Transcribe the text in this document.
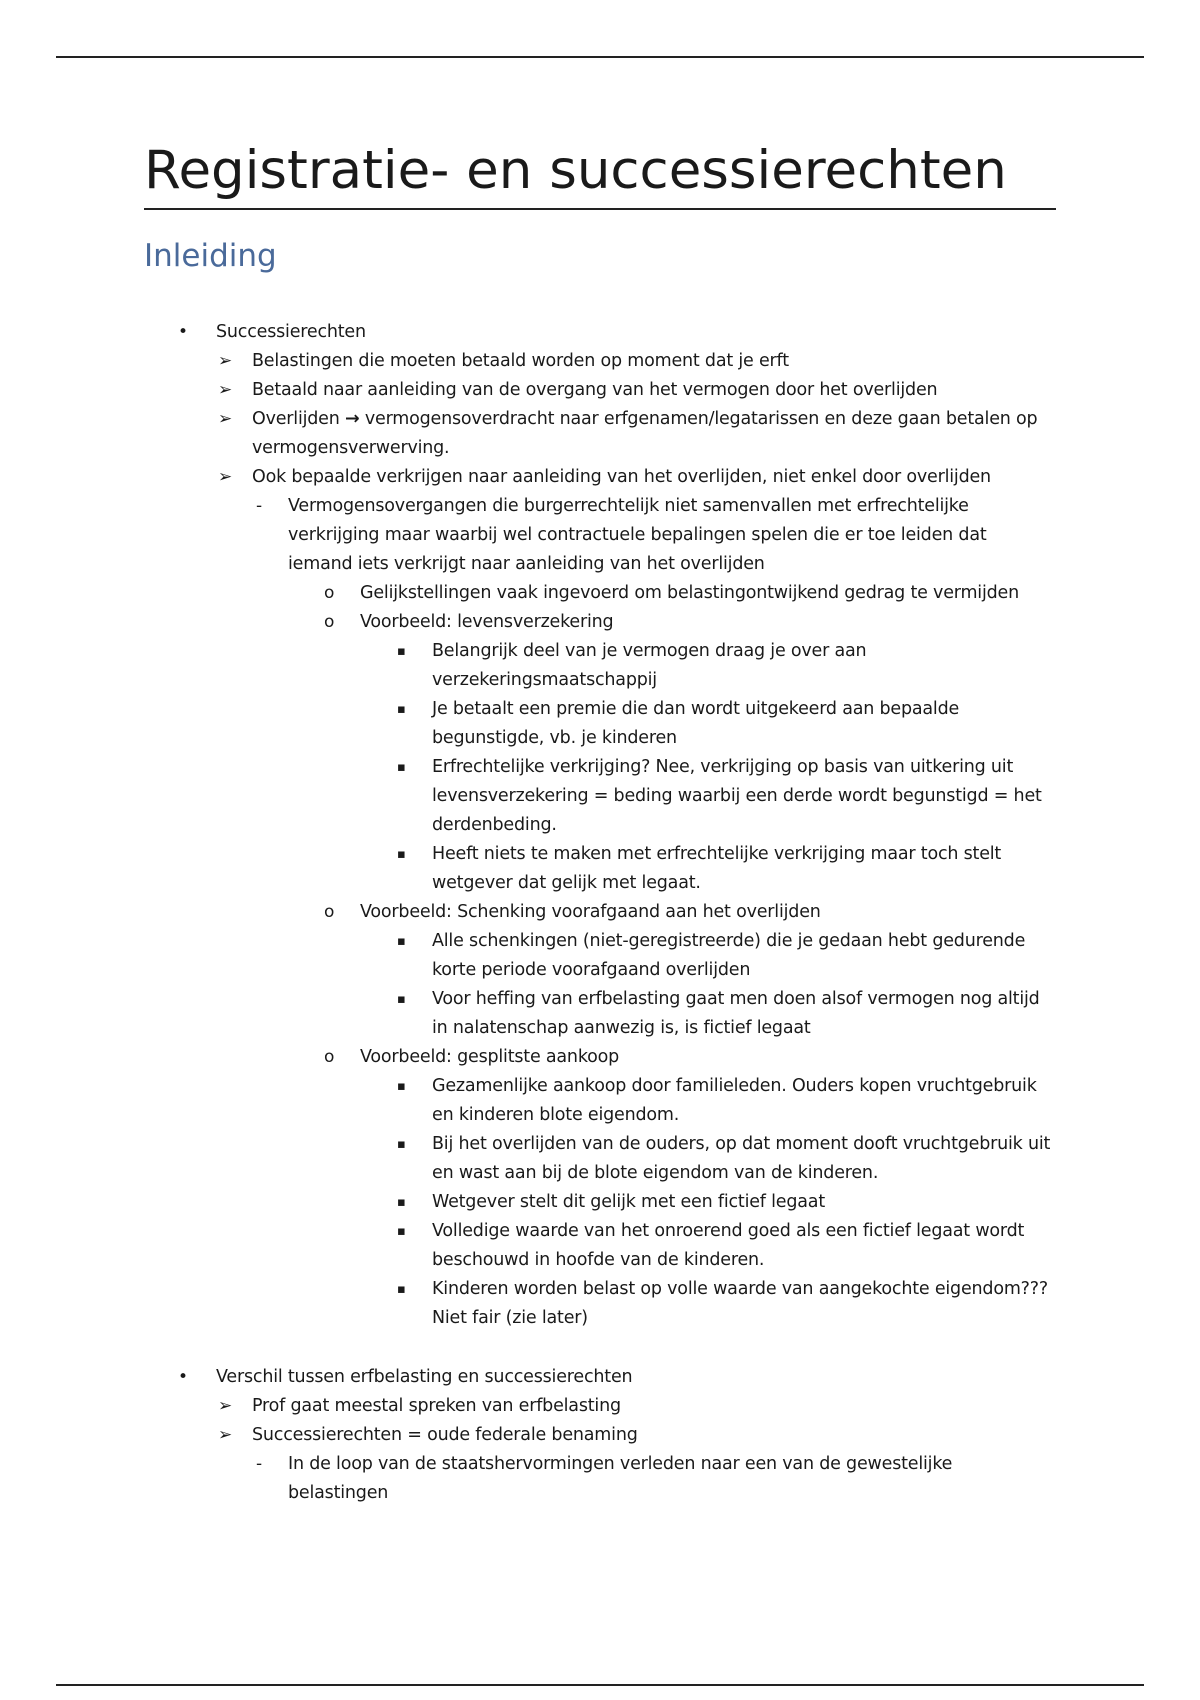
Registratie- en successierechten
Inleiding
• Successierechten
➢ Belastingen die moeten betaald worden op moment dat je erft
➢ Betaald naar aanleiding van de overgang van het vermogen door het overlijden
➢ Overlijden → vermogensoverdracht naar erfgenamen/legatarissen en deze gaan betalen op vermogensverwerving.
➢ Ook bepaalde verkrijgen naar aanleiding van het overlijden, niet enkel door overlijden
- Vermogensovergangen die burgerrechtelijk niet samenvallen met erfrechtelijke verkrijging maar waarbij wel contractuele bepalingen spelen die er toe leiden dat iemand iets verkrijgt naar aanleiding van het overlijden
o Gelijkstellingen vaak ingevoerd om belastingontwijkend gedrag te vermijden
o Voorbeeld: levensverzekering
▪ Belangrijk deel van je vermogen draag je over aan verzekeringsmaatschappij
▪ Je betaalt een premie die dan wordt uitgekeerd aan bepaalde begunstigde, vb. je kinderen
▪ Erfrechtelijke verkrijging? Nee, verkrijging op basis van uitkering uit levensverzekering = beding waarbij een derde wordt begunstigd = het derdenbeding.
▪ Heeft niets te maken met erfrechtelijke verkrijging maar toch stelt wetgever dat gelijk met legaat.
o Voorbeeld: Schenking voorafgaand aan het overlijden
▪ Alle schenkingen (niet-geregistreerde) die je gedaan hebt gedurende korte periode voorafgaand overlijden
▪ Voor heffing van erfbelasting gaat men doen alsof vermogen nog altijd in nalatenschap aanwezig is, is fictief legaat
o Voorbeeld: gesplitste aankoop
▪ Gezamenlijke aankoop door familieleden. Ouders kopen vruchtgebruik en kinderen blote eigendom.
▪ Bij het overlijden van de ouders, op dat moment dooft vruchtgebruik uit en wast aan bij de blote eigendom van de kinderen.
▪ Wetgever stelt dit gelijk met een fictief legaat
▪ Volledige waarde van het onroerend goed als een fictief legaat wordt beschouwd in hoofde van de kinderen.
▪ Kinderen worden belast op volle waarde van aangekochte eigendom??? Niet fair (zie later)
• Verschil tussen erfbelasting en successierechten
➢ Prof gaat meestal spreken van erfbelasting
➢ Successierechten = oude federale benaming
- In de loop van de staatshervormingen verleden naar een van de gewestelijke belastingen
